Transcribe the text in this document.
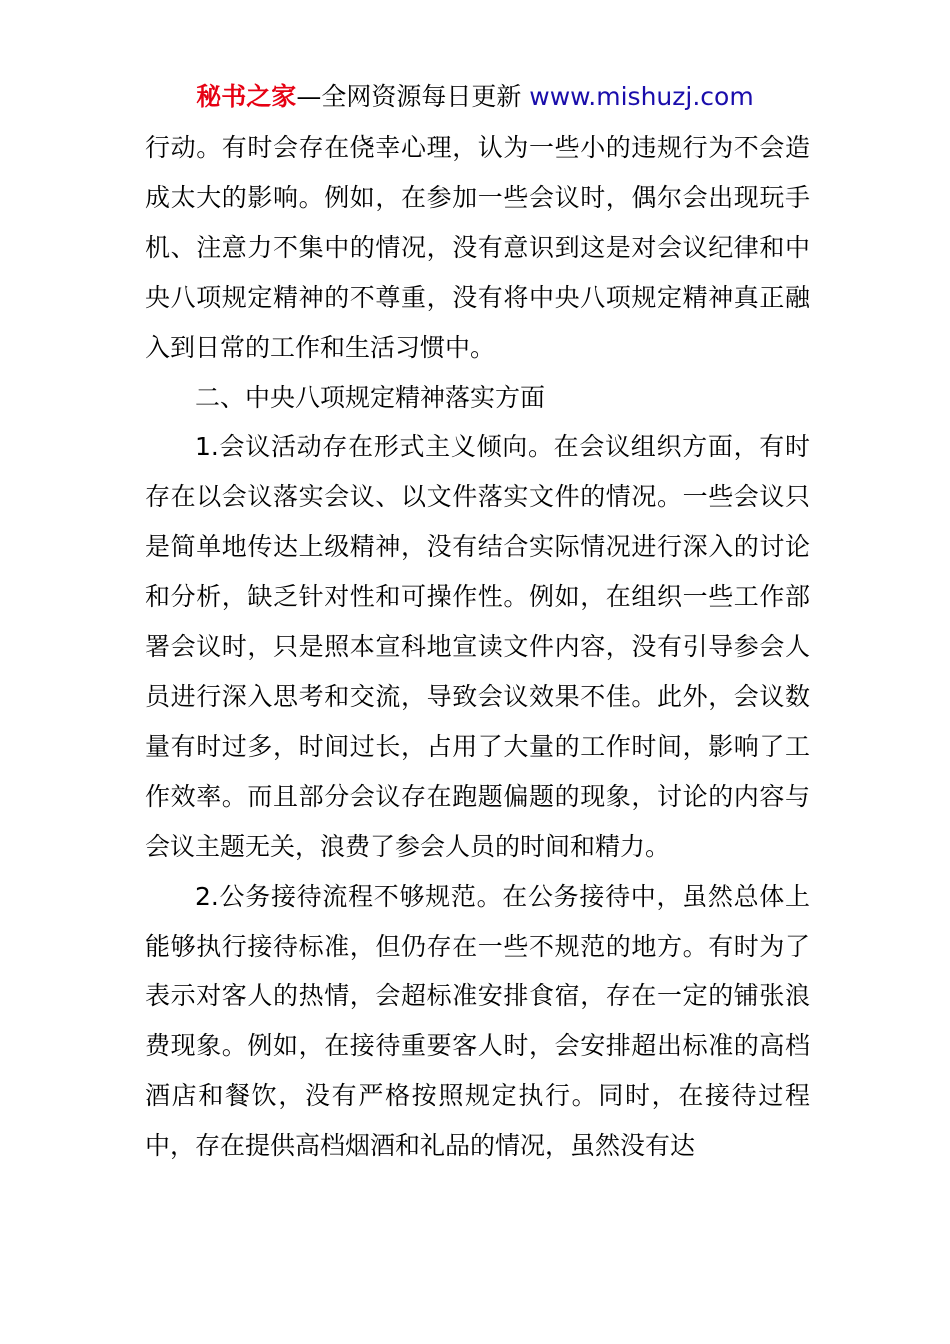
秘书之家—全网资源每日更新 www.mishuzj.com

行动。有时会存在侥幸心理，认为一些小的违规行为不会造成太大的影响。例如，在参加一些会议时，偶尔会出现玩手机、注意力不集中的情况，没有意识到这是对会议纪律和中央八项规定精神的不尊重，没有将中央八项规定精神真正融入到日常的工作和生活习惯中。

二、中央八项规定精神落实方面

1.会议活动存在形式主义倾向。在会议组织方面，有时存在以会议落实会议、以文件落实文件的情况。一些会议只是简单地传达上级精神，没有结合实际情况进行深入的讨论和分析，缺乏针对性和可操作性。例如，在组织一些工作部署会议时，只是照本宣科地宣读文件内容，没有引导参会人员进行深入思考和交流，导致会议效果不佳。此外，会议数量有时过多，时间过长，占用了大量的工作时间，影响了工作效率。而且部分会议存在跑题偏题的现象，讨论的内容与会议主题无关，浪费了参会人员的时间和精力。

2.公务接待流程不够规范。在公务接待中，虽然总体上能够执行接待标准，但仍存在一些不规范的地方。有时为了表示对客人的热情，会超标准安排食宿，存在一定的铺张浪费现象。例如，在接待重要客人时，会安排超出标准的高档酒店和餐饮，没有严格按照规定执行。同时，在接待过程中，存在提供高档烟酒和礼品的情况，虽然没有达
